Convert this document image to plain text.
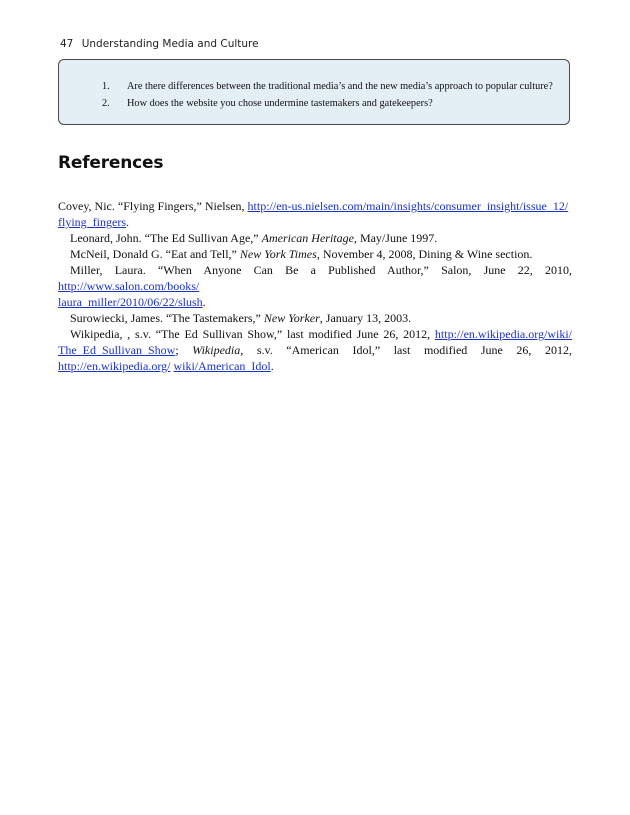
47 Understanding Media and Culture
1. Are there differences between the traditional media’s and the new media’s approach to popular culture?
2. How does the website you chose undermine tastemakers and gatekeepers?
References

Covey, Nic. “Flying Fingers,” Nielsen, http://en-us.nielsen.com/main/insights/consumer_insight/issue_12/
flying_fingers.

Leonard, John. “The Ed Sullivan Age,” American Heritage, May/June 1997.

McNeil, Donald G. “Eat and Tell,” New York Times, November 4, 2008, Dining & Wine section.

Miller, Laura. “When Anyone Can Be a Published Author,” Salon, June 22, 2010, http://www.salon.com/books/
laura_miller/2010/06/22/slush.

Surowiecki, James. “The Tastemakers,” New Yorker, January 13, 2003.

Wikipedia, , s.v. “The Ed Sullivan Show,” last modified June 26, 2012, http://en.wikipedia.org/wiki/ The_Ed_Sullivan_Show; Wikipedia, s.v. “American Idol,” last modified June 26, 2012, http://en.wikipedia.org/ wiki/American_Idol.
